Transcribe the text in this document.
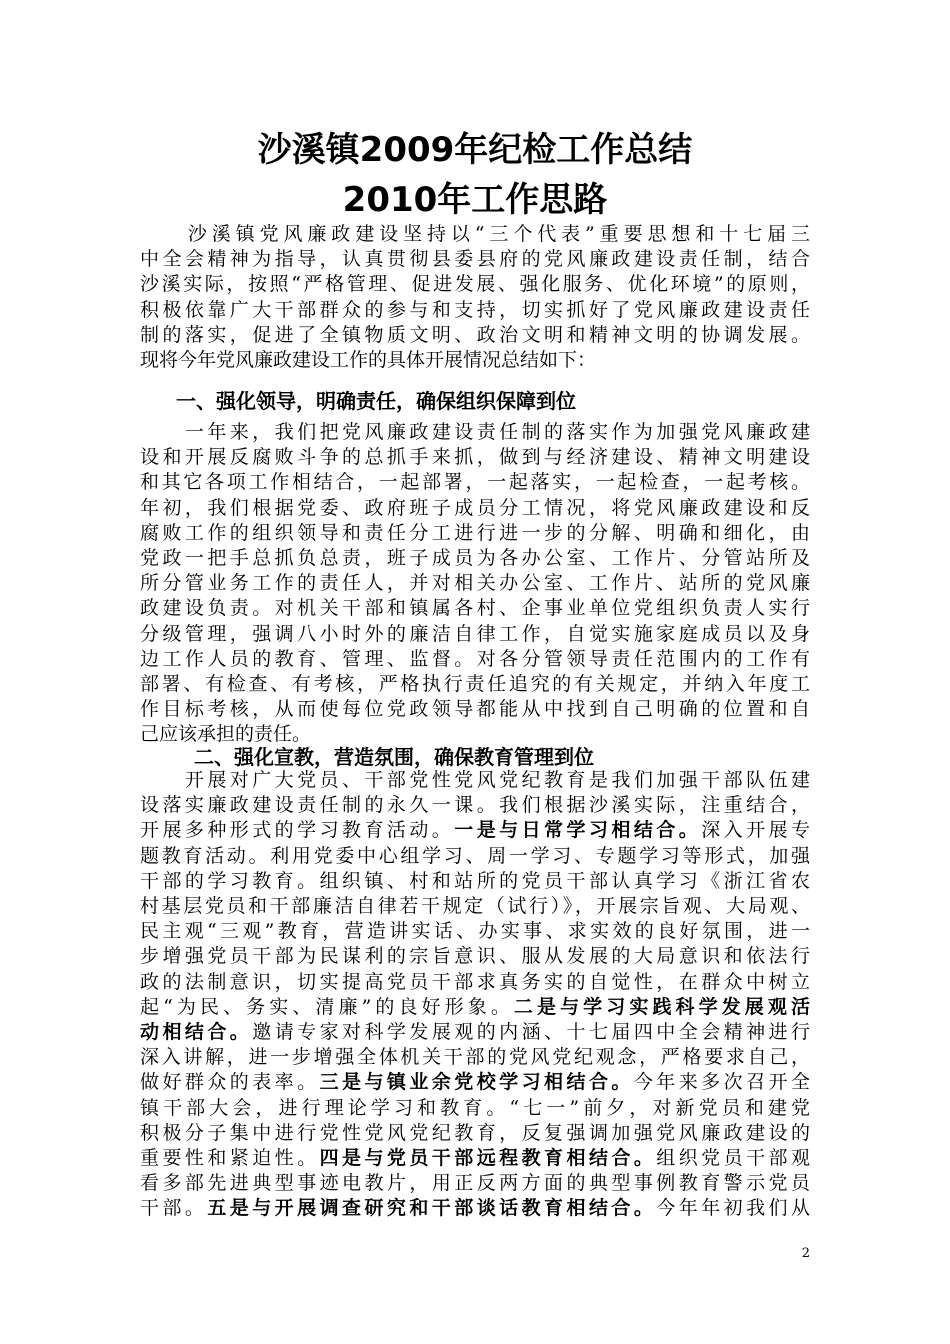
沙溪镇2009年纪检工作总结
2010年工作思路
　　沙溪镇党风廉政建设坚持以“三个代表”重要思想和十七届三
中全会精神为指导，认真贯彻县委县府的党风廉政建设责任制，结合
沙溪实际，按照“严格管理、促进发展、强化服务、优化环境”的原则，
积极依靠广大干部群众的参与和支持，切实抓好了党风廉政建设责任
制的落实，促进了全镇物质文明、政治文明和精神文明的协调发展。
现将今年党风廉政建设工作的具体开展情况总结如下：
一、强化领导，明确责任，确保组织保障到位
　　一年来，我们把党风廉政建设责任制的落实作为加强党风廉政建
设和开展反腐败斗争的总抓手来抓，做到与经济建设、精神文明建设
和其它各项工作相结合，一起部署，一起落实，一起检查，一起考核。
年初，我们根据党委、政府班子成员分工情况，将党风廉政建设和反
腐败工作的组织领导和责任分工进行进一步的分解、明确和细化，由
党政一把手总抓负总责，班子成员为各办公室、工作片、分管站所及
所分管业务工作的责任人，并对相关办公室、工作片、站所的党风廉
政建设负责。对机关干部和镇属各村、企事业单位党组织负责人实行
分级管理，强调八小时外的廉洁自律工作，自觉实施家庭成员以及身
边工作人员的教育、管理、监督。对各分管领导责任范围内的工作有
部署、有检查、有考核，严格执行责任追究的有关规定，并纳入年度工
作目标考核，从而使每位党政领导都能从中找到自己明确的位置和自
己应该承担的责任。
二、强化宣教，营造氛围，确保教育管理到位
　　开展对广大党员、干部党性党风党纪教育是我们加强干部队伍建
设落实廉政建设责任制的永久一课。我们根据沙溪实际，注重结合，
开展多种形式的学习教育活动。一是与日常学习相结合。深入开展专
题教育活动。利用党委中心组学习、周一学习、专题学习等形式，加强
干部的学习教育。组织镇、村和站所的党员干部认真学习《浙江省农
村基层党员和干部廉洁自律若干规定（试行）》，开展宗旨观、大局观、
民主观“三观”教育，营造讲实话、办实事、求实效的良好氛围，进一
步增强党员干部为民谋利的宗旨意识、服从发展的大局意识和依法行
政的法制意识，切实提高党员干部求真务实的自觉性，在群众中树立
起“为民、务实、清廉”的良好形象。二是与学习实践科学发展观活
动相结合。邀请专家对科学发展观的内涵、十七届四中全会精神进行
深入讲解，进一步增强全体机关干部的党风党纪观念，严格要求自己，
做好群众的表率。三是与镇业余党校学习相结合。今年来多次召开全
镇干部大会，进行理论学习和教育。“七一”前夕，对新党员和建党
积极分子集中进行党性党风党纪教育，反复强调加强党风廉政建设的
重要性和紧迫性。四是与党员干部远程教育相结合。组织党员干部观
看多部先进典型事迹电教片，用正反两方面的典型事例教育警示党员
干部。五是与开展调查研究和干部谈话教育相结合。今年年初我们从
2
